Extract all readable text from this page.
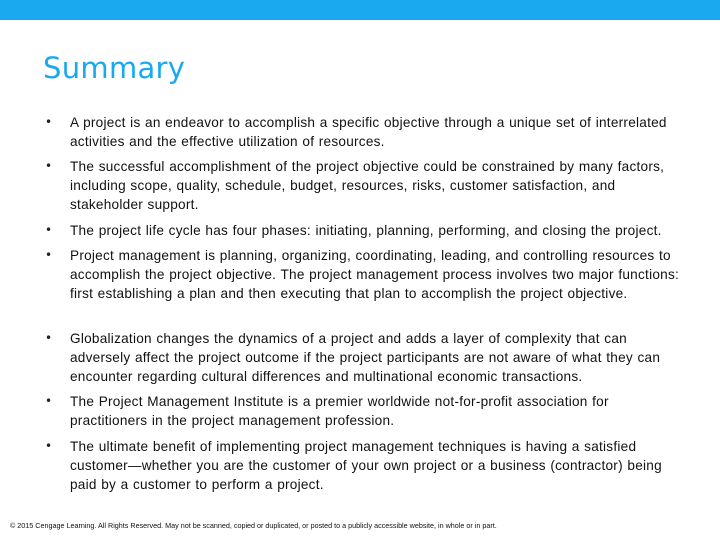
Summary
• A project is an endeavor to accomplish a specific objective through a unique set of interrelated activities and the effective utilization of resources.
• The successful accomplishment of the project objective could be constrained by many factors, including scope, quality, schedule, budget, resources, risks, customer satisfaction, and stakeholder support.
• The project life cycle has four phases: initiating, planning, performing, and closing the project.
• Project management is planning, organizing, coordinating, leading, and controlling resources to accomplish the project objective. The project management process involves two major functions: first establishing a plan and then executing that plan to accomplish the project objective.
• Globalization changes the dynamics of a project and adds a layer of complexity that can adversely affect the project outcome if the project participants are not aware of what they can encounter regarding cultural differences and multinational economic transactions.
• The Project Management Institute is a premier worldwide not-for-profit association for practitioners in the project management profession.
• The ultimate benefit of implementing project management techniques is having a satisfied customer—whether you are the customer of your own project or a business (contractor) being paid by a customer to perform a project.
© 2015 Cengage Learning. All Rights Reserved. May not be scanned, copied or duplicated, or posted to a publicly accessible website, in whole or in part.
